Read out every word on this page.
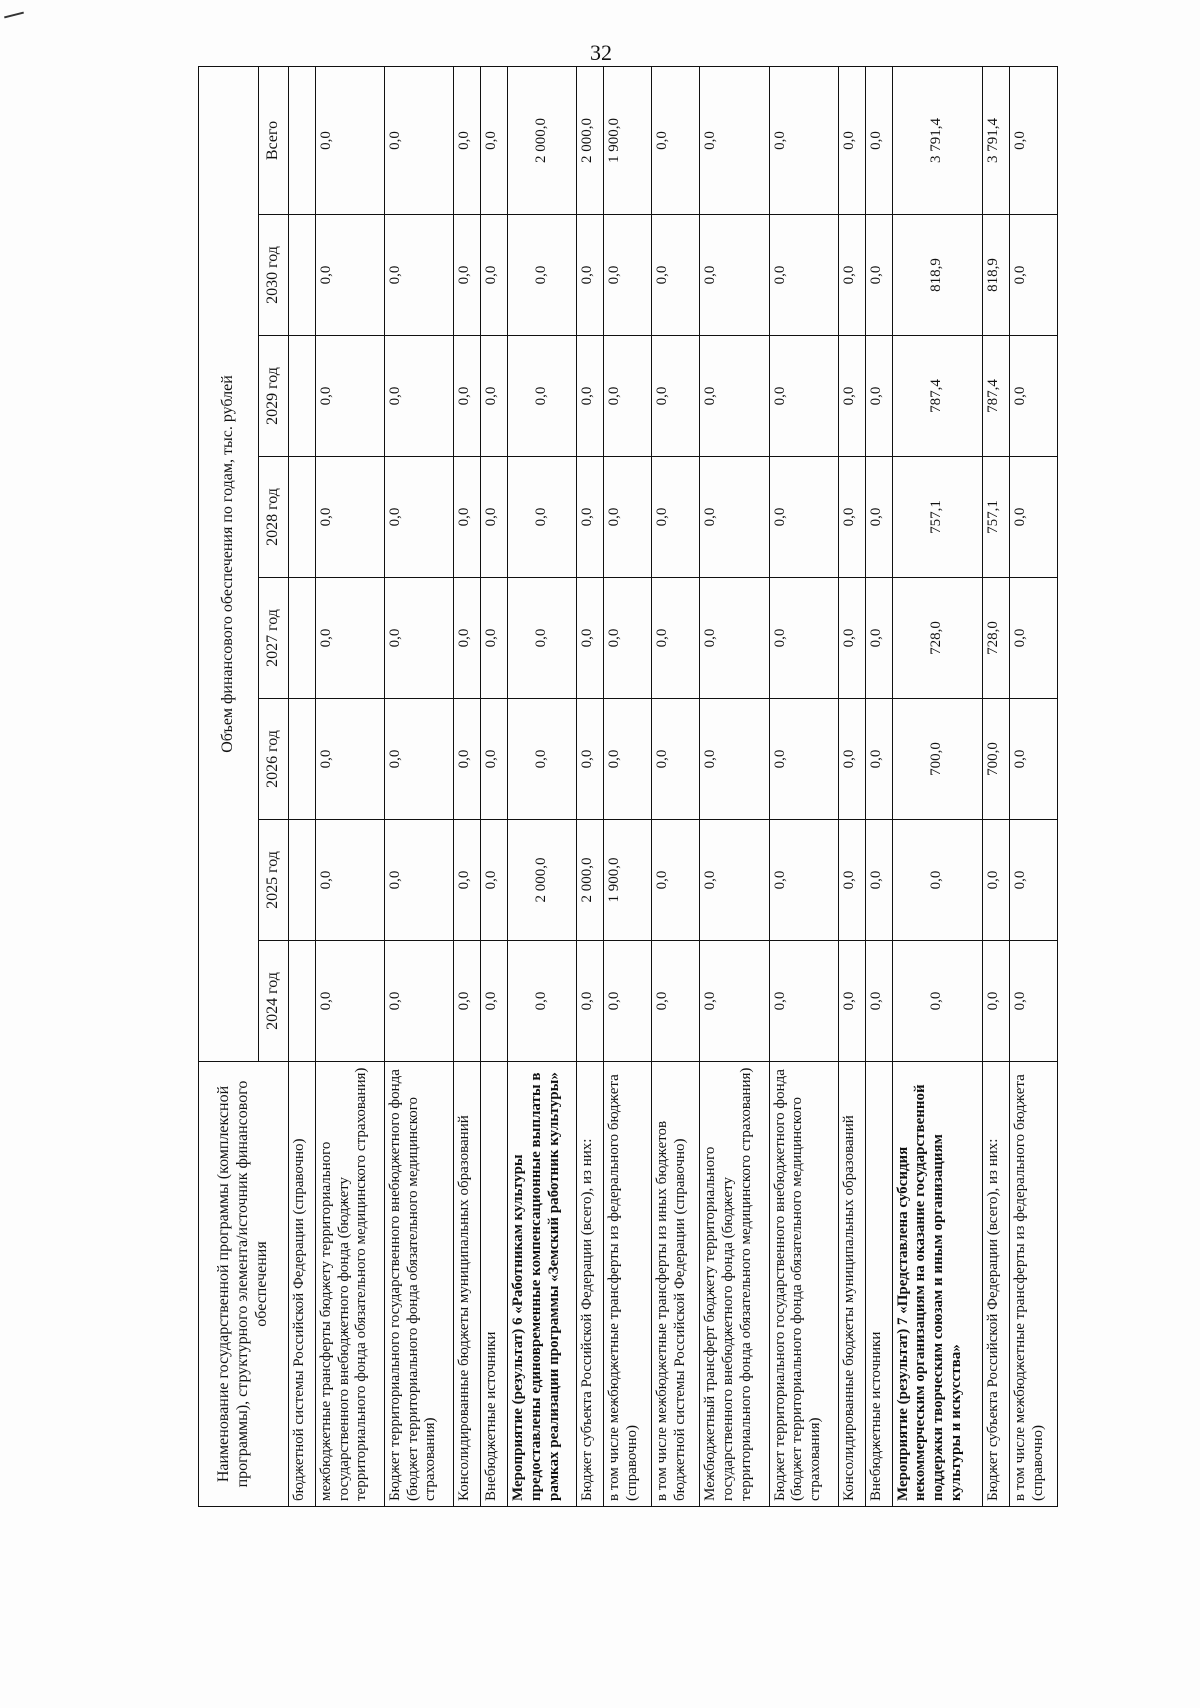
32
Наименование государственной программы (комплексной программы), структурного элемента/источник финансового обеспечения	Объем финансового обеспечения по годам, тыс. рублей							
	2024 год	2025 год	2026 год	2027 год	2028 год	2029 год	2030 год	Всего
бюджетной системы Российской Федерации (справочно)								
межбюджетные трансферты бюджету территориального государственного внебюджетного фонда (бюджету территориального фонда обязательного медицинского страхования)	0,0	0,0	0,0	0,0	0,0	0,0	0,0	0,0
Бюджет территориального государственного внебюджетного фонда (бюджет территориального фонда обязательного медицинского страхования)	0,0	0,0	0,0	0,0	0,0	0,0	0,0	0,0
Консолидированные бюджеты муниципальных образований	0,0	0,0	0,0	0,0	0,0	0,0	0,0	0,0
Внебюджетные источники	0,0	0,0	0,0	0,0	0,0	0,0	0,0	0,0
Мероприятие (результат) 6 «Работникам культуры предоставлены единовременные компенсационные выплаты в рамках реализации программы «Земский работник культуры»	0,0	2 000,0	0,0	0,0	0,0	0,0	0,0	2 000,0
Бюджет субъекта Российской Федерации (всего), из них:	0,0	2 000,0	0,0	0,0	0,0	0,0	0,0	2 000,0
в том числе межбюджетные трансферты из федерального бюджета (справочно)	0,0	1 900,0	0,0	0,0	0,0	0,0	0,0	1 900,0
в том числе межбюджетные трансферты из иных бюджетов бюджетной системы Российской Федерации (справочно)	0,0	0,0	0,0	0,0	0,0	0,0	0,0	0,0
Межбюджетный трансферт бюджету территориального государственного внебюджетного фонда (бюджету территориального фонда обязательного медицинского страхования)	0,0	0,0	0,0	0,0	0,0	0,0	0,0	0,0
Бюджет территориального государственного внебюджетного фонда (бюджет территориального фонда обязательного медицинского страхования)	0,0	0,0	0,0	0,0	0,0	0,0	0,0	0,0
Консолидированные бюджеты муниципальных образований	0,0	0,0	0,0	0,0	0,0	0,0	0,0	0,0
Внебюджетные источники	0,0	0,0	0,0	0,0	0,0	0,0	0,0	0,0
Мероприятие (результат) 7 «Представлена субсидия некоммерческим организациям на оказание государственной поддержки творческим союзам и иным организациям культуры и искусства»	0,0	0,0	700,0	728,0	757,1	787,4	818,9	3 791,4
Бюджет субъекта Российской Федерации (всего), из них:	0,0	0,0	700,0	728,0	757,1	787,4	818,9	3 791,4
в том числе межбюджетные трансферты из федерального бюджета (справочно)	0,0	0,0	0,0	0,0	0,0	0,0	0,0	0,0
